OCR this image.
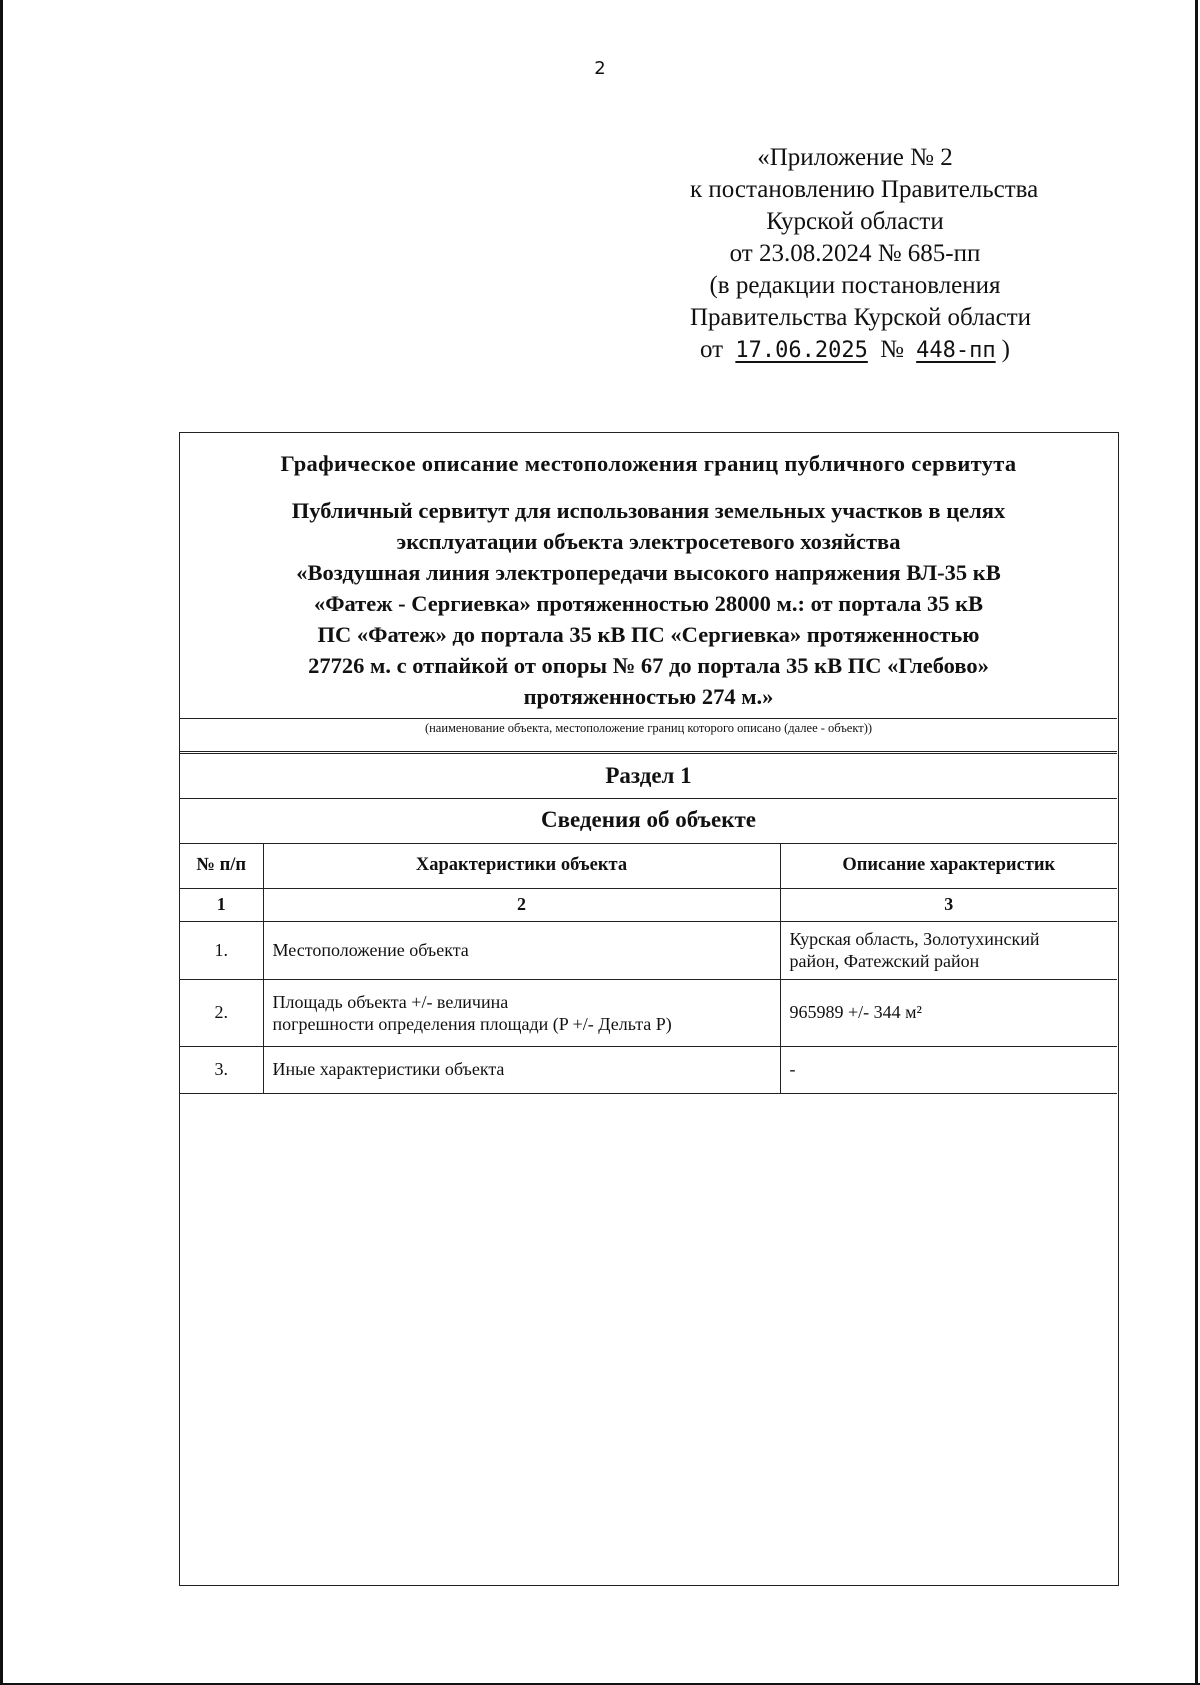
2
«Приложение № 2
к постановлению Правительства
Курской области
от 23.08.2024 № 685-пп
(в редакции постановления
Правительства Курской области
от 17.06.2025 № 448-пп )
Графическое описание местоположения границ публичного сервитута
Публичный сервитут для использования земельных участков в целях
эксплуатации объекта электросетевого хозяйства
«Воздушная линия электропередачи высокого напряжения ВЛ-35 кВ
«Фатеж - Сергиевка» протяженностью 28000 м.: от портала 35 кВ
ПС «Фатеж» до портала 35 кВ ПС «Сергиевка» протяженностью
27726 м. с отпайкой от опоры № 67 до портала 35 кВ ПС «Глебово»
протяженностью 274 м.»
(наименование объекта, местоположение границ которого описано (далее - объект))
Раздел 1
Сведения об объекте
№ п/п	Характеристики объекта	Описание характеристик
1	2	3
1.	Местоположение объекта	Курская область, Золотухинский
район, Фатежский район

2.	Площадь объекта +/- величина
погрешности определения площади (P +/- Дельта P)	965989 +/- 344 м²
3.	Иные характеристики объекта	-
